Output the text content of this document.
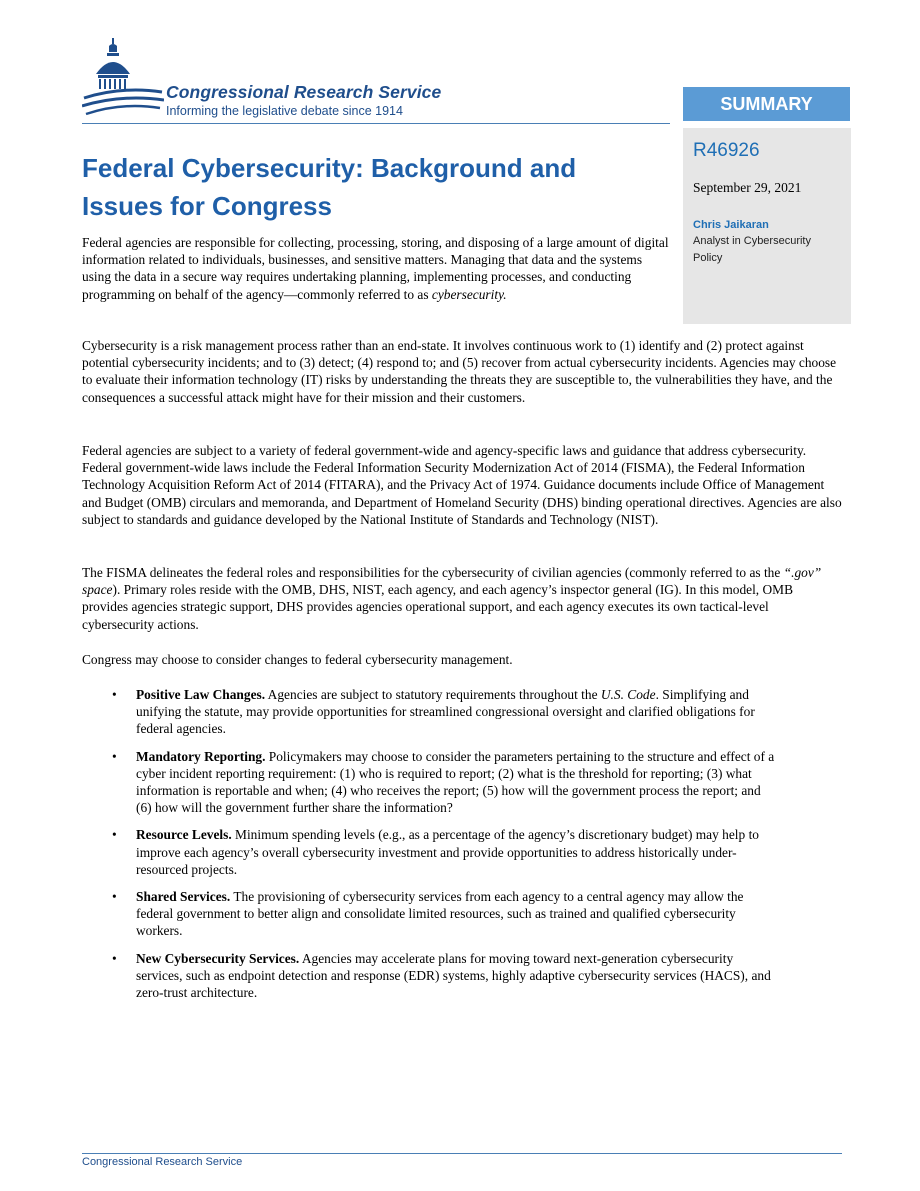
Congressional Research Service
Informing the legislative debate since 1914	SUMMARY
R46926
September 29, 2021
Chris Jaikaran
Analyst in Cybersecurity Policy
Federal Cybersecurity: Background and Issues for Congress

Federal agencies are responsible for collecting, processing, storing, and disposing of a large amount of digital information related to individuals, businesses, and sensitive matters. Managing that data and the systems using the data in a secure way requires undertaking planning, implementing processes, and conducting programming on behalf of the agency—commonly referred to as cybersecurity.

Cybersecurity is a risk management process rather than an end-state. It involves continuous work to (1) identify and (2) protect against potential cybersecurity incidents; and to (3) detect; (4) respond to; and (5) recover from actual cybersecurity incidents. Agencies may choose to evaluate their information technology (IT) risks by understanding the threats they are susceptible to, the vulnerabilities they have, and the consequences a successful attack might have for their mission and their customers.

Federal agencies are subject to a variety of federal government-wide and agency-specific laws and guidance that address cybersecurity. Federal government-wide laws include the Federal Information Security Modernization Act of 2014 (FISMA), the Federal Information Technology Acquisition Reform Act of 2014 (FITARA), and the Privacy Act of 1974. Guidance documents include Office of Management and Budget (OMB) circulars and memoranda, and Department of Homeland Security (DHS) binding operational directives. Agencies are also subject to standards and guidance developed by the National Institute of Standards and Technology (NIST).

The FISMA delineates the federal roles and responsibilities for the cybersecurity of civilian agencies (commonly referred to as the “.gov” space). Primary roles reside with the OMB, DHS, NIST, each agency, and each agency’s inspector general (IG). In this model, OMB provides agencies strategic support, DHS provides agencies operational support, and each agency executes its own tactical-level cybersecurity actions.

Congress may choose to consider changes to federal cybersecurity management.

• Positive Law Changes. Agencies are subject to statutory requirements throughout the U.S. Code. Simplifying and unifying the statute, may provide opportunities for streamlined congressional oversight and clarified obligations for federal agencies.
• Mandatory Reporting. Policymakers may choose to consider the parameters pertaining to the structure and effect of a cyber incident reporting requirement: (1) who is required to report; (2) what is the threshold for reporting; (3) what information is reportable and when; (4) who receives the report; (5) how will the government process the report; and (6) how will the government further share the information?
• Resource Levels. Minimum spending levels (e.g., as a percentage of the agency’s discretionary budget) may help to improve each agency’s overall cybersecurity investment and provide opportunities to address historically under-resourced projects.
• Shared Services. The provisioning of cybersecurity services from each agency to a central agency may allow the federal government to better align and consolidate limited resources, such as trained and qualified cybersecurity workers.
• New Cybersecurity Services. Agencies may accelerate plans for moving toward next-generation cybersecurity services, such as endpoint detection and response (EDR) systems, highly adaptive cybersecurity services (HACS), and zero-trust architecture.
Congressional Research Service
